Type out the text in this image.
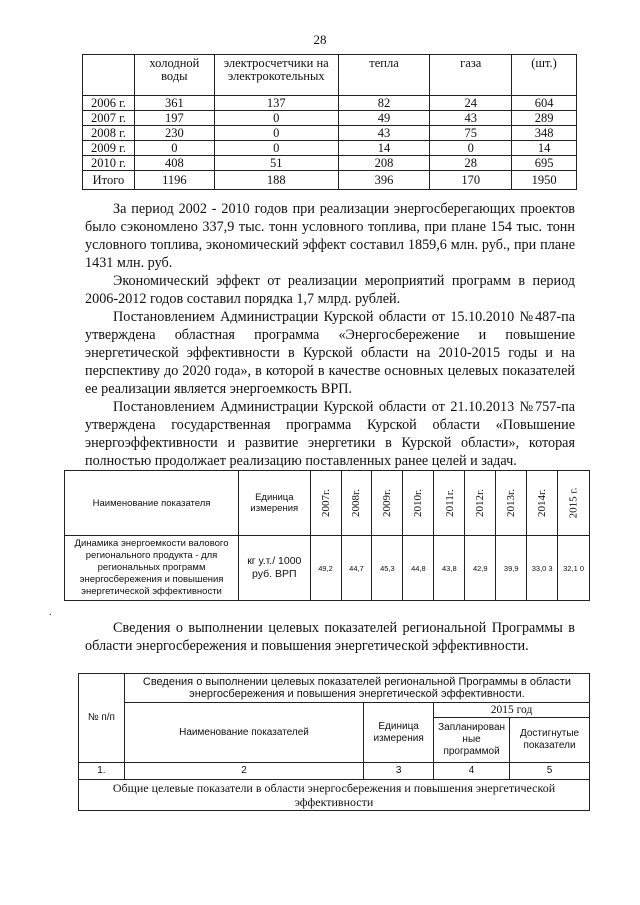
28
	холодной воды	электросчетчики на электрокотельных	тепла	газа	(шт.)
2006 г.	361	137	82	24	604
2007 г.	197	0	49	43	289
2008 г.	230	0	43	75	348
2009 г.	0	0	14	0	14
2010 г.	408	51	208	28	695
Итого	1196	188	396	170	1950

За период 2002 - 2010 годов при реализации энергосберегающих проектов было сэкономлено 337,9 тыс. тонн условного топлива, при плане 154 тыс. тонн условного топлива, экономический эффект составил 1859,6 млн. руб., при плане 1431 млн. руб.

Экономический эффект от реализации мероприятий программ в период 2006-2012 годов составил порядка 1,7 млрд. рублей.

Постановлением Администрации Курской области от 15.10.2010 №487-па утверждена областная программа «Энергосбережение и повышение энергетической эффективности в Курской области на 2010-2015 годы и на перспективу до 2020 года», в которой в качестве основных целевых показателей ее реализации является энергоемкость ВРП.

Постановлением Администрации Курской области от 21.10.2013 №757-па утверждена государственная программа Курской области «Повышение энергоэффективности и развитие энергетики в Курской области», которая полностью продолжает реализацию поставленных ранее целей и задач.

Наименование показателя	Единица измерения	2007г.	2008г.	2009г.	2010г.	2011г.	2012г.	2013г.	2014г.	2015 г.
Динамика энергоемкости валового регионального продукта - для региональных программ энергосбережения и повышения энергетической эффективности	кг у.т./ 1000 руб. ВРП	49,2	44,7	45,3	44,8	43,8	42,9	39,9	33,0 3	32,1 0
.

Сведения о выполнении целевых показателей региональной Программы в области энергосбережения и повышения энергетической эффективности.

№ п/п	Сведения о выполнении целевых показателей региональной Программы в области энергосбережения и повышения энергетической эффективности.			
	Наименование показателей	Единица измерения	2015 год	
			Запланирован ные программой	Достигнутые показатели
1.	2	3	4	5
Общие целевые показатели в области энергосбережения и повышения энергетической эффективности				
